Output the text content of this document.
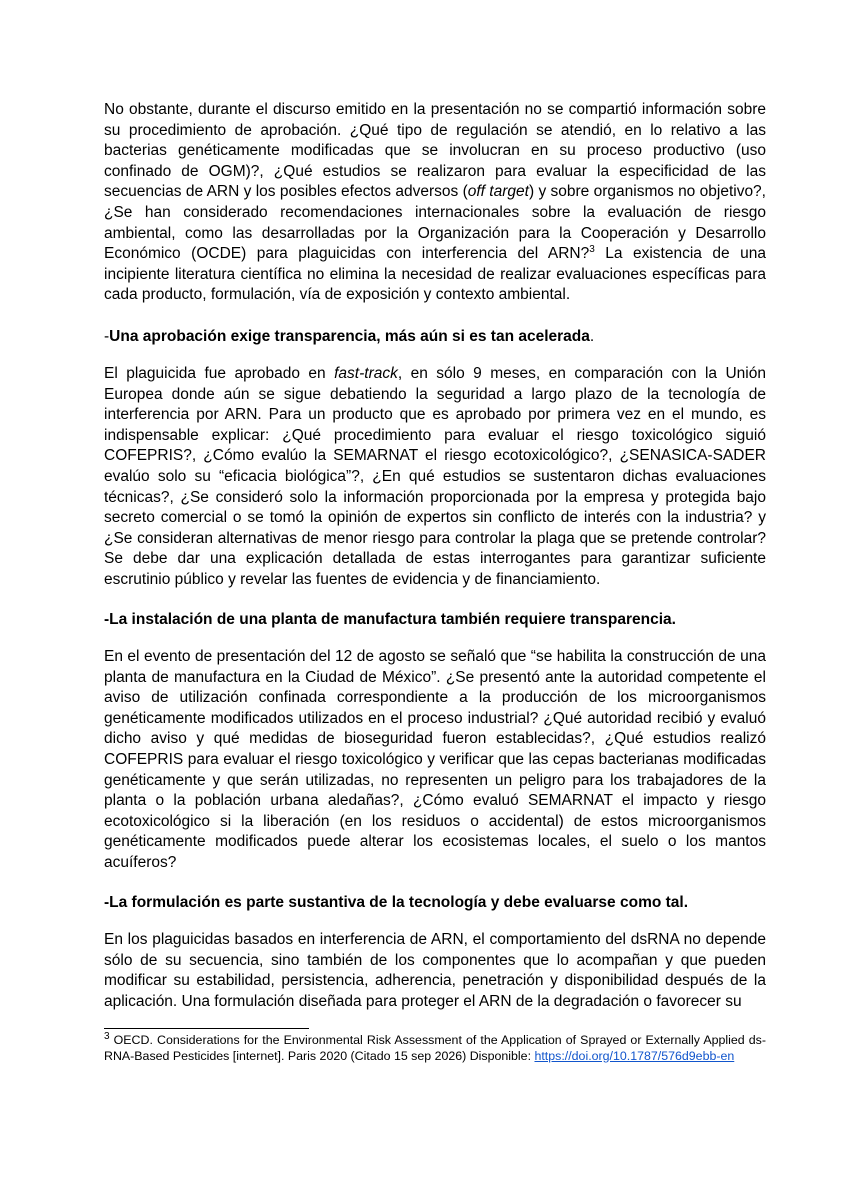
No obstante, durante el discurso emitido en la presentación no se compartió información sobre su procedimiento de aprobación. ¿Qué tipo de regulación se atendió, en lo relativo a las bacterias genéticamente modificadas que se involucran en su proceso productivo (uso confinado de OGM)?, ¿Qué estudios se realizaron para evaluar la especificidad de las secuencias de ARN y los posibles efectos adversos (off target) y sobre organismos no objetivo?, ¿Se han considerado recomendaciones internacionales sobre la evaluación de riesgo ambiental, como las desarrolladas por la Organización para la Cooperación y Desarrollo Económico (OCDE) para plaguicidas con interferencia del ARN?$^3$ La existencia de una incipiente literatura científica no elimina la necesidad de realizar evaluaciones específicas para cada producto, formulación, vía de exposición y contexto ambiental.

-Una aprobación exige transparencia, más aún si es tan acelerada.

El plaguicida fue aprobado en fast-track, en sólo 9 meses, en comparación con la Unión Europea donde aún se sigue debatiendo la seguridad a largo plazo de la tecnología de interferencia por ARN. Para un producto que es aprobado por primera vez en el mundo, es indispensable explicar: ¿Qué procedimiento para evaluar el riesgo toxicológico siguió COFEPRIS?, ¿Cómo evalúo la SEMARNAT el riesgo ecotoxicológico?, ¿SENASICA-SADER evalúo solo su “eficacia biológica”?, ¿En qué estudios se sustentaron dichas evaluaciones técnicas?, ¿Se consideró solo la información proporcionada por la empresa y protegida bajo secreto comercial o se tomó la opinión de expertos sin conflicto de interés con la industria? y ¿Se consideran alternativas de menor riesgo para controlar la plaga que se pretende controlar? Se debe dar una explicación detallada de estas interrogantes para garantizar suficiente escrutinio público y revelar las fuentes de evidencia y de financiamiento.

-La instalación de una planta de manufactura también requiere transparencia.

En el evento de presentación del 12 de agosto se señaló que “se habilita la construcción de una planta de manufactura en la Ciudad de México”. ¿Se presentó ante la autoridad competente el aviso de utilización confinada correspondiente a la producción de los microorganismos genéticamente modificados utilizados en el proceso industrial? ¿Qué autoridad recibió y evaluó dicho aviso y qué medidas de bioseguridad fueron establecidas?, ¿Qué estudios realizó COFEPRIS para evaluar el riesgo toxicológico y verificar que las cepas bacterianas modificadas genéticamente y que serán utilizadas, no representen un peligro para los trabajadores de la planta o la población urbana aledañas?, ¿Cómo evaluó SEMARNAT el impacto y riesgo ecotoxicológico si la liberación (en los residuos o accidental) de estos microorganismos genéticamente modificados puede alterar los ecosistemas locales, el suelo o los mantos acuíferos?

-La formulación es parte sustantiva de la tecnología y debe evaluarse como tal.

En los plaguicidas basados en interferencia de ARN, el comportamiento del dsRNA no depende sólo de su secuencia, sino también de los componentes que lo acompañan y que pueden modificar su estabilidad, persistencia, adherencia, penetración y disponibilidad después de la aplicación. Una formulación diseñada para proteger el ARN de la degradación o favorecer su

$^3$ OECD. Considerations for the Environmental Risk Assessment of the Application of Sprayed or Externally Applied ds-RNA-Based Pesticides [internet]. Paris 2020 (Citado 15 sep 2026) Disponible: https://doi.org/10.1787/576d9ebb-en
